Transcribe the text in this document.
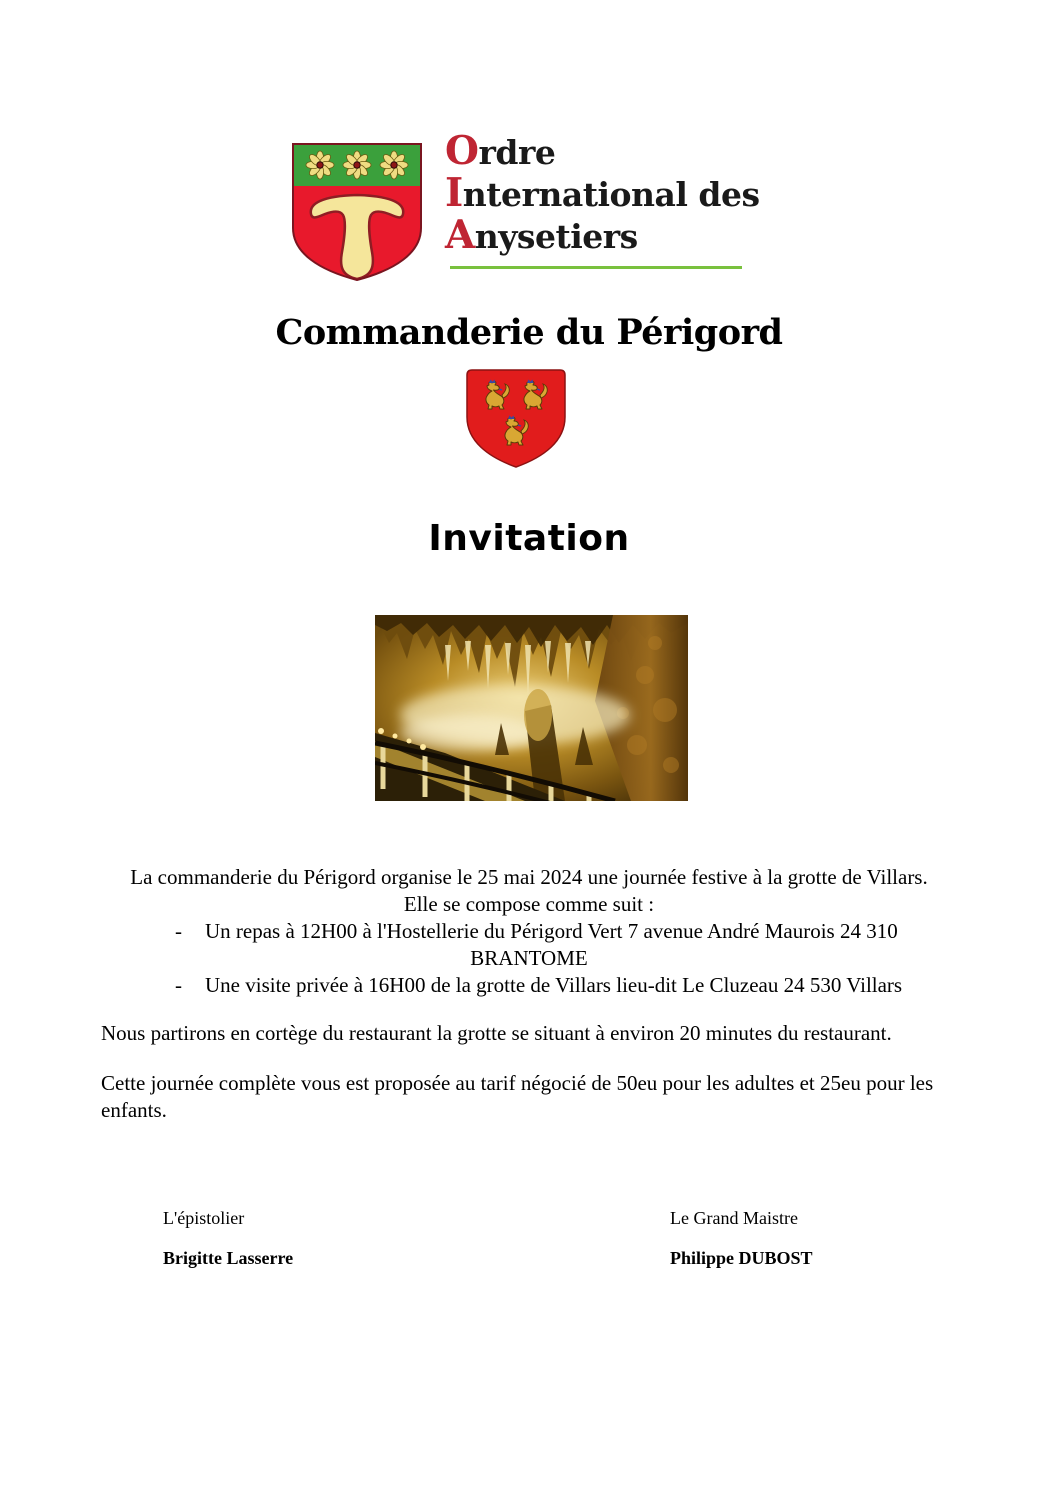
Ordre
International des
Anysetiers
Commanderie du Périgord
Invitation
La commanderie du Périgord organise le 25 mai 2024 une journée festive à la grotte de Villars.
Elle se compose comme suit :
- Un repas à 12H00 à l'Hostellerie du Périgord Vert 7 avenue André Maurois 24 310
BRANTOME
- Une visite privée à 16H00 de la grotte de Villars lieu-dit Le Cluzeau 24 530 Villars
Nous partirons en cortège du restaurant la grotte se situant à environ 20 minutes du restaurant.
Cette journée complète vous est proposée au tarif négocié de 50eu pour les adultes et 25eu pour les
enfants.
L'épistolier
Brigitte Lasserre
Le Grand Maistre
Philippe DUBOST
